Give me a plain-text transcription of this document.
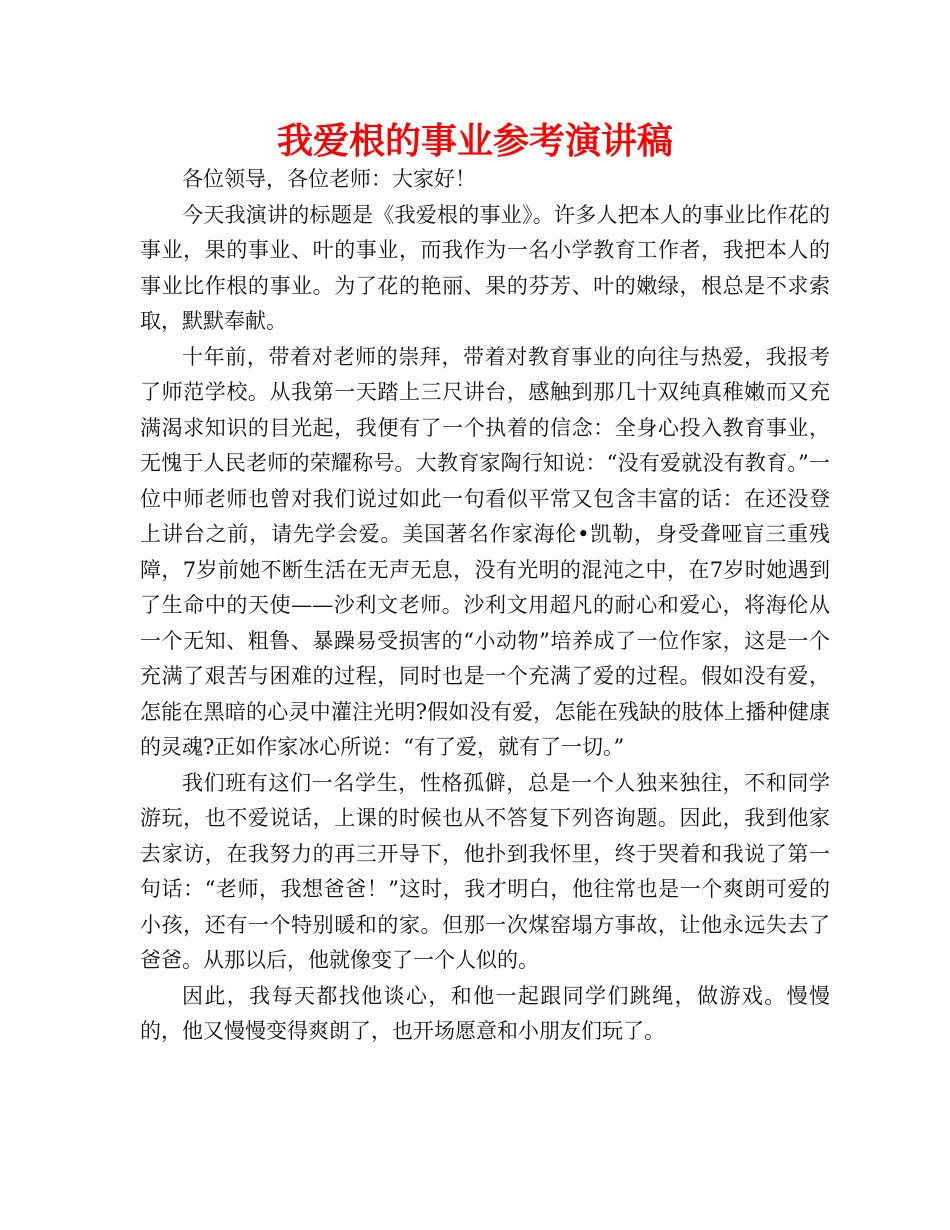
我爱根的事业参考演讲稿

各位领导，各位老师：大家好！

今天我演讲的标题是《我爱根的事业》。许多人把本人的事业比作花的事业，果的事业、叶的事业，而我作为一名小学教育工作者，我把本人的事业比作根的事业。为了花的艳丽、果的芬芳、叶的嫩绿，根总是不求索取，默默奉献。

十年前，带着对老师的崇拜，带着对教育事业的向往与热爱，我报考了师范学校。从我第一天踏上三尺讲台，感触到那几十双纯真稚嫩而又充满渴求知识的目光起，我便有了一个执着的信念：全身心投入教育事业，无愧于人民老师的荣耀称号。大教育家陶行知说：“没有爱就没有教育。”一位中师老师也曾对我们说过如此一句看似平常又包含丰富的话：在还没登上讲台之前，请先学会爱。美国著名作家海伦•凯勒，身受聋哑盲三重残障，7岁前她不断生活在无声无息，没有光明的混沌之中，在7岁时她遇到了生命中的天使——沙利文老师。沙利文用超凡的耐心和爱心，将海伦从一个无知、粗鲁、暴躁易受损害的“小动物”培养成了一位作家，这是一个充满了艰苦与困难的过程，同时也是一个充满了爱的过程。假如没有爱，怎能在黑暗的心灵中灌注光明?假如没有爱，怎能在残缺的肢体上播种健康的灵魂?正如作家冰心所说：“有了爱，就有了一切。”

我们班有这们一名学生，性格孤僻，总是一个人独来独往，不和同学游玩，也不爱说话，上课的时候也从不答复下列咨询题。因此，我到他家去家访，在我努力的再三开导下，他扑到我怀里，终于哭着和我说了第一句话：“老师，我想爸爸！”这时，我才明白，他往常也是一个爽朗可爱的小孩，还有一个特别暖和的家。但那一次煤窑塌方事故，让他永远失去了爸爸。从那以后，他就像变了一个人似的。

因此，我每天都找他谈心，和他一起跟同学们跳绳，做游戏。慢慢的，他又慢慢变得爽朗了，也开场愿意和小朋友们玩了。
